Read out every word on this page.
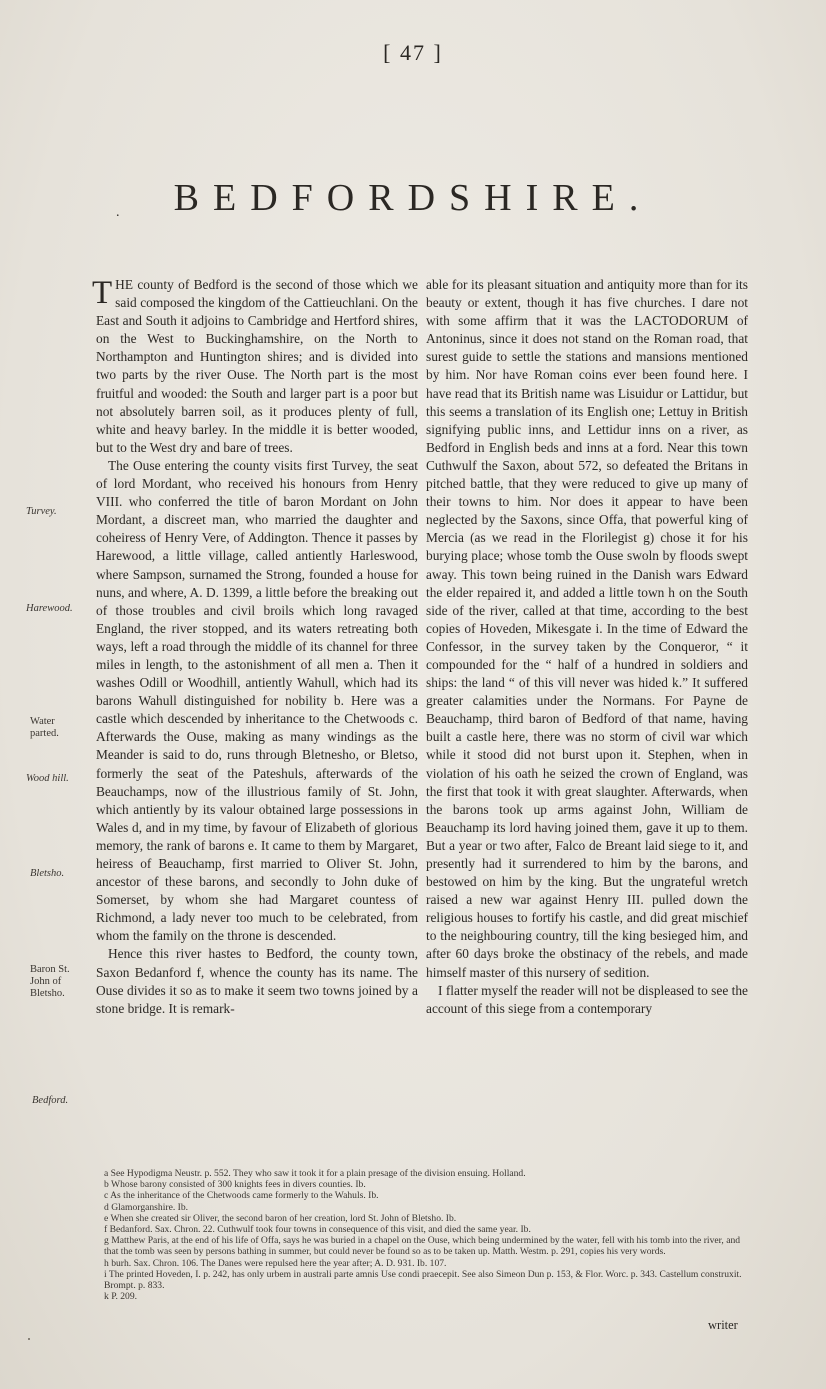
[ 47 ]
.	BEDFORDSHIRE.

THE county of Bedford is the second of those which we said composed the kingdom of the Cattieuchlani. On the East and South it adjoins to Cambridge and Hertford shires, on the West to Buckinghamshire, on the North to Northampton and Huntington shires; and is divided into two parts by the river Ouse. The North part is the most fruitful and wooded: the South and larger part is a poor but not absolutely barren soil, as it produces plenty of full, white and heavy barley. In the middle it is better wooded, but to the West dry and bare of trees.

The Ouse entering the county visits first Turvey, the seat of lord Mordant, who received his honours from Henry VIII. who conferred the title of baron Mordant on John Mordant, a discreet man, who married the daughter and coheiress of Henry Vere, of Addington. Thence it passes by Harewood, a little village, called antiently Harleswood, where Sampson, surnamed the Strong, founded a house for nuns, and where, A. D. 1399, a little before the breaking out of those troubles and civil broils which long ravaged England, the river stopped, and its waters retreating both ways, left a road through the middle of its channel for three miles in length, to the astonishment of all men a. Then it washes Odill or Woodhill, antiently Wahull, which had its barons Wahull distinguished for nobility b. Here was a castle which descended by inheritance to the Chetwoods c. Afterwards the Ouse, making as many windings as the Meander is said to do, runs through Bletnesho, or Bletso, formerly the seat of the Pateshuls, afterwards of the Beauchamps, now of the illustrious family of St. John, which antiently by its valour obtained large possessions in Wales d, and in my time, by favour of Elizabeth of glorious memory, the rank of barons e. It came to them by Margaret, heiress of Beauchamp, first married to Oliver St. John, ancestor of these barons, and secondly to John duke of Somerset, by whom she had Margaret countess of Richmond, a lady never too much to be celebrated, from whom the family on the throne is descended.

Hence this river hastes to Bedford, the county town, Saxon Bedanford f, whence the county has its name. The Ouse divides it so as to make it seem two towns joined by a stone bridge. It is remark-

able for its pleasant situation and antiquity more than for its beauty or extent, though it has five churches. I dare not with some affirm that it was the LACTODORUM of Antoninus, since it does not stand on the Roman road, that surest guide to settle the stations and mansions mentioned by him. Nor have Roman coins ever been found here. I have read that its British name was Lisuidur or Lattidur, but this seems a translation of its English one; Lettuy in British signifying public inns, and Lettidur inns on a river, as Bedford in English beds and inns at a ford. Near this town Cuthwulf the Saxon, about 572, so defeated the Britans in pitched battle, that they were reduced to give up many of their towns to him. Nor does it appear to have been neglected by the Saxons, since Offa, that powerful king of Mercia (as we read in the Florilegist g) chose it for his burying place; whose tomb the Ouse swoln by floods swept away. This town being ruined in the Danish wars Edward the elder repaired it, and added a little town h on the South side of the river, called at that time, according to the best copies of Hoveden, Mikesgate i. In the time of Edward the Confessor, in the survey taken by the Conqueror, “ it compounded for the “ half of a hundred in soldiers and ships: the land “ of this vill never was hided k.” It suffered greater calamities under the Normans. For Payne de Beauchamp, third baron of Bedford of that name, having built a castle here, there was no storm of civil war which while it stood did not burst upon it. Stephen, when in violation of his oath he seized the crown of England, was the first that took it with great slaughter. Afterwards, when the barons took up arms against John, William de Beauchamp its lord having joined them, gave it up to them. But a year or two after, Falco de Breant laid siege to it, and presently had it surrendered to him by the barons, and bestowed on him by the king. But the ungrateful wretch raised a new war against Henry III. pulled down the religious houses to fortify his castle, and did great mischief to the neighbouring country, till the king besieged him, and after 60 days broke the obstinacy of the rebels, and made himself master of this nursery of sedition.

I flatter myself the reader will not be displeased to see the account of this siege from a contemporary

Turvey.
Harewood.
Water parted.
Wood hill.
Bletsho.
Baron St. John of Bletsho.
Bedford.
a See Hypodigma Neustr. p. 552. They who saw it took it for a plain presage of the division ensuing. Holland.
b Whose barony consisted of 300 knights fees in divers counties. Ib.
c As the inheritance of the Chetwoods came formerly to the Wahuls. Ib.
d Glamorganshire. Ib.
e When she created sir Oliver, the second baron of her creation, lord St. John of Bletsho. Ib.
f Bedanford. Sax. Chron. 22. Cuthwulf took four towns in consequence of this visit, and died the same year. Ib.
g Matthew Paris, at the end of his life of Offa, says he was buried in a chapel on the Ouse, which being undermined by the water, fell with his tomb into the river, and that the tomb was seen by persons bathing in summer, but could never be found so as to be taken up. Matth. Westm. p. 291, copies his very words.
h burh. Sax. Chron. 106. The Danes were repulsed here the year after; A. D. 931. Ib. 107.
i The printed Hoveden, I. p. 242, has only urbem in australi parte amnis Use condi praecepit. See also Simeon Dun p. 153, & Flor. Worc. p. 343. Castellum construxit. Brompt. p. 833.
k P. 209.
writer
